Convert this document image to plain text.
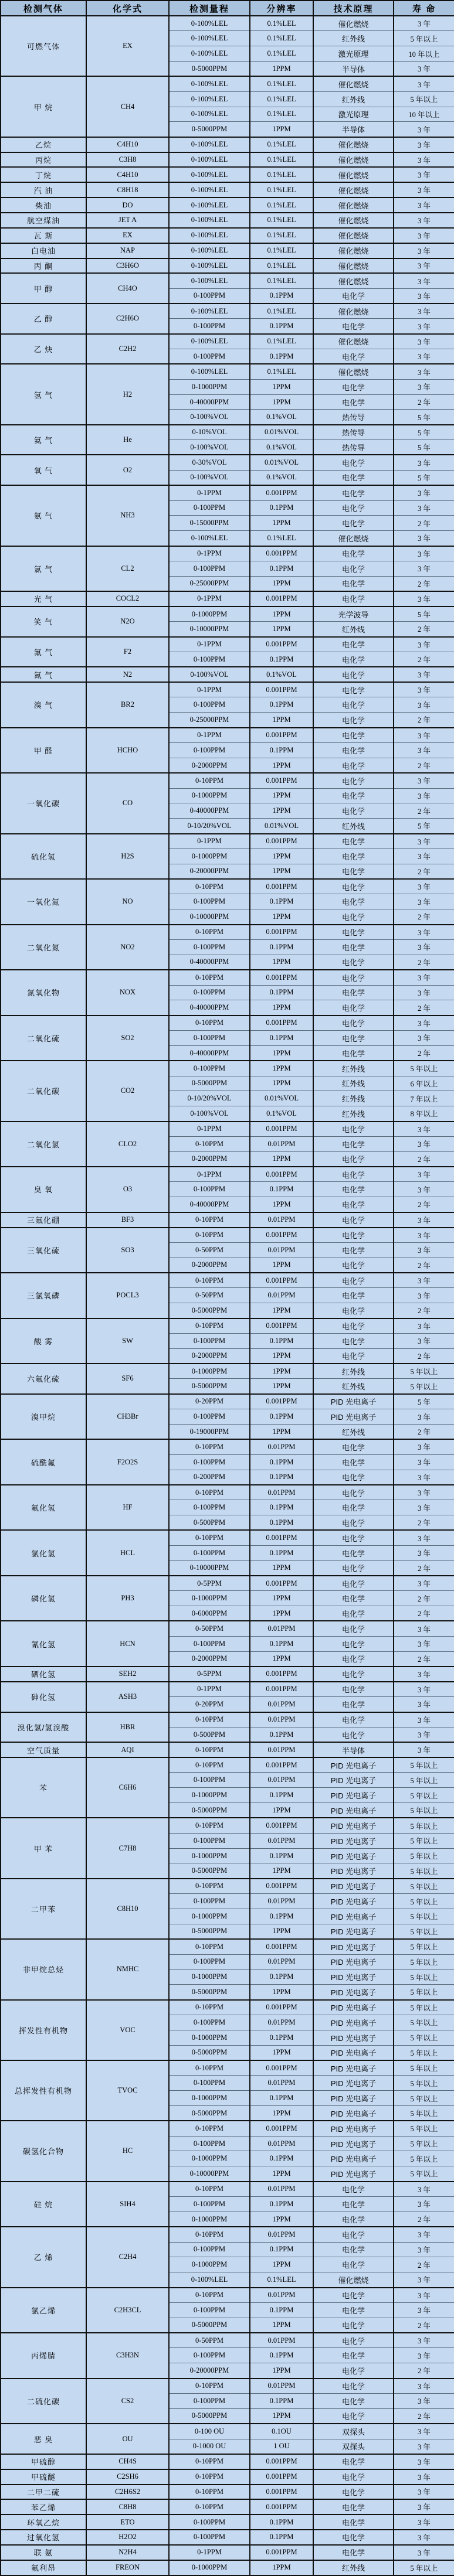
检测气体	化学式	检测量程	分辨率	技术原理	寿 命
可燃气体	EX	0-100%LEL	0.1%LEL	催化燃烧	3 年
		0-100%LEL	0.1%LEL	红外线	5 年以上
		0-100%LEL	0.1%LEL	激光原理	10 年以上
		0-5000PPM	1PPM	半导体	3 年
甲 烷	CH4	0-100%LEL	0.1%LEL	催化燃烧	3 年
		0-100%LEL	0.1%LEL	红外线	5 年以上
		0-100%LEL	0.1%LEL	激光原理	10 年以上
		0-5000PPM	1PPM	半导体	3 年
乙烷	C4H10	0-100%LEL	0.1%LEL	催化燃烧	3 年
丙烷	C3H8	0-100%LEL	0.1%LEL	催化燃烧	3 年
丁烷	C4H10	0-100%LEL	0.1%LEL	催化燃烧	3 年
汽 油	C8H18	0-100%LEL	0.1%LEL	催化燃烧	3 年
柴油	DO	0-100%LEL	0.1%LEL	催化燃烧	3 年
航空煤油	JET A	0-100%LEL	0.1%LEL	催化燃烧	3 年
瓦 斯	EX	0-100%LEL	0.1%LEL	催化燃烧	3 年
白电油	NAP	0-100%LEL	0.1%LEL	催化燃烧	3 年
丙 酮	C3H6O	0-100%LEL	0.1%LEL	催化燃烧	3 年
甲 醇	CH4O	0-100%LEL	0.1%LEL	催化燃烧	3 年
		0-100PPM	0.1PPM	电化学	3 年
乙 醇	C2H6O	0-100%LEL	0.1%LEL	催化燃烧	3 年
		0-100PPM	0.1PPM	电化学	3 年
乙 炔	C2H2	0-100%LEL	0.1%LEL	催化燃烧	3 年
		0-100PPM	0.1PPM	电化学	3 年
氢 气	H2	0-100%LEL	0.1%LEL	催化燃烧	3 年
		0-1000PPM	1PPM	电化学	3 年
		0-40000PPM	1PPM	电化学	2 年
		0-100%VOL	0.1%VOL	热传导	5 年
氦 气	He	0-10%VOL	0.01%VOL	热传导	5 年
		0-100%VOL	0.1%VOL	热传导	5 年
氧 气	O2	0-30%VOL	0.01%VOL	电化学	3 年
		0-100%VOL	0.1%VOL	电化学	5 年
氨 气	NH3	0-1PPM	0.001PPM	电化学	3 年
		0-100PPM	0.1PPM	电化学	3 年
		0-15000PPM	1PPM	电化学	2 年
		0-100%LEL	0.1%LEL	催化燃烧	3 年
氯 气	CL2	0-1PPM	0.001PPM	电化学	3 年
		0-100PPM	0.1PPM	电化学	3 年
		0-25000PPM	1PPM	电化学	2 年
光 气	COCL2	0-1PPM	0.001PPM	电化学	3 年
笑 气	N2O	0-1000PPM	1PPM	光学波导	5 年
		0-10000PPM	1PPM	红外线	2 年
氟 气	F2	0-1PPM	0.001PPM	电化学	3 年
		0-100PPM	0.1PPM	电化学	2 年
氮 气	N2	0-100%VOL	0.1%VOL	电化学	3 年
溴 气	BR2	0-1PPM	0.001PPM	电化学	3 年
		0-100PPM	0.1PPM	电化学	3 年
		0-25000PPM	1PPM	电化学	2 年
甲 醛	HCHO	0-1PPM	0.001PPM	电化学	3 年
		0-100PPM	0.1PPM	电化学	3 年
		0-2000PPM	1PPM	电化学	2 年
一氧化碳	CO	0-10PPM	0.001PPM	电化学	3 年
		0-1000PPM	1PPM	电化学	3 年
		0-40000PPM	1PPM	电化学	2 年
		0-10/20%VOL	0.01%VOL	红外线	5 年
硫化氢	H2S	0-1PPM	0.001PPM	电化学	3 年
		0-1000PPM	1PPM	电化学	3 年
		0-20000PPM	1PPM	电化学	2 年
一氧化氮	NO	0-10PPM	0.001PPM	电化学	3 年
		0-100PPM	0.1PPM	电化学	3 年
		0-10000PPM	1PPM	电化学	2 年
二氧化氮	NO2	0-10PPM	0.001PPM	电化学	3 年
		0-100PPM	0.1PPM	电化学	3 年
		0-40000PPM	1PPM	电化学	2 年
氮氧化物	NOX	0-10PPM	0.001PPM	电化学	3 年
		0-100PPM	0.1PPM	电化学	3 年
		0-40000PPM	1PPM	电化学	2 年
二氧化硫	SO2	0-10PPM	0.001PPM	电化学	3 年
		0-100PPM	0.1PPM	电化学	3 年
		0-40000PPM	1PPM	电化学	2 年
二氧化碳	CO2	0-100PPM	1PPM	红外线	5 年以上
		0-5000PPM	1PPM	红外线	6 年以上
		0-10/20%VOL	0.01%VOL	红外线	7 年以上
		0-100%VOL	0.1%VOL	红外线	8 年以上
二氧化氯	CLO2	0-1PPM	0.001PPM	电化学	3 年
		0-10PPM	0.01PPM	电化学	3 年
		0-2000PPM	1PPM	电化学	2 年
臭 氧	O3	0-1PPM	0.001PPM	电化学	3 年
		0-100PPM	0.1PPM	电化学	3 年
		0-40000PPM	1PPM	电化学	2 年
三氟化硼	BF3	0-10PPM	0.01PPM	电化学	3 年
三氧化硫	SO3	0-10PPM	0.001PPM	电化学	3 年
		0-50PPM	0.01PPM	电化学	3 年
		0-2000PPM	1PPM	电化学	2 年
三氯氧磷	POCL3	0-10PPM	0.001PPM	电化学	3 年
		0-50PPM	0.01PPM	电化学	3 年
		0-5000PPM	1PPM	电化学	2 年
酸 雾	SW	0-10PPM	0.001PPM	电化学	3 年
		0-100PPM	0.1PPM	电化学	3 年
		0-2000PPM	1PPM	电化学	2 年
六氟化硫	SF6	0-1000PPM	1PPM	红外线	5 年以上
		0-5000PPM	1PPM	红外线	5 年以上
溴甲烷	CH3Br	0-20PPM	0.001PPM	PID 光电离子	5 年
		0-100PPM	0.1PPM	PID 光电离子	3 年
		0-19000PPM	1PPM	红外线	2 年
硫酰氟	F2O2S	0-10PPM	0.01PPM	电化学	3 年
		0-100PPM	0.1PPM	电化学	3 年
		0-200PPM	0.1PPM	电化学	3 年
氟化氢	HF	0-10PPM	0.01PPM	电化学	3 年
		0-100PPM	0.1PPM	电化学	3 年
		0-500PPM	0.1PPM	电化学	2 年
氯化氢	HCL	0-10PPM	0.001PPM	电化学	3 年
		0-100PPM	0.1PPM	电化学	3 年
		0-10000PPM	1PPM	电化学	2 年
磷化氢	PH3	0-5PPM	0.001PPM	电化学	3 年
		0-1000PPM	1PPM	电化学	2 年
		0-6000PPM	1PPM	电化学	2 年
氰化氢	HCN	0-50PPM	0.01PPM	电化学	3 年
		0-100PPM	0.1PPM	电化学	3 年
		0-2000PPM	1PPM	电化学	2 年
硒化氢	SEH2	0-5PPM	0.001PPM	电化学	3 年
砷化氢	ASH3	0-1PPM	0.001PPM	电化学	3 年
		0-20PPM	0.01PPM	电化学	3 年
溴化氢/氢溴酸	HBR	0-10PPM	0.01PPM	电化学	3 年
		0-500PPM	0.1PPM	电化学	3 年
空气质量	AQI	0-10PPM	0.01PPM	半导体	3 年
苯	C6H6	0-10PPM	0.001PPM	PID 光电离子	5 年以上
		0-100PPM	0.01PPM	PID 光电离子	5 年以上
		0-1000PPM	0.1PPM	PID 光电离子	5 年以上
		0-5000PPM	1PPM	PID 光电离子	5 年以上
甲 苯	C7H8	0-10PPM	0.001PPM	PID 光电离子	5 年以上
		0-100PPM	0.01PPM	PID 光电离子	5 年以上
		0-1000PPM	0.1PPM	PID 光电离子	5 年以上
		0-5000PPM	1PPM	PID 光电离子	5 年以上
二甲苯	C8H10	0-10PPM	0.001PPM	PID 光电离子	5 年以上
		0-100PPM	0.01PPM	PID 光电离子	5 年以上
		0-1000PPM	0.1PPM	PID 光电离子	5 年以上
		0-5000PPM	1PPM	PID 光电离子	5 年以上
非甲烷总烃	NMHC	0-10PPM	0.001PPM	PID 光电离子	5 年以上
		0-100PPM	0.01PPM	PID 光电离子	5 年以上
		0-1000PPM	0.1PPM	PID 光电离子	5 年以上
		0-5000PPM	1PPM	PID 光电离子	5 年以上
挥发性有机物	VOC	0-10PPM	0.001PPM	PID 光电离子	5 年以上
		0-100PPM	0.01PPM	PID 光电离子	5 年以上
		0-1000PPM	0.1PPM	PID 光电离子	5 年以上
		0-5000PPM	1PPM	PID 光电离子	5 年以上
总挥发性有机物	TVOC	0-10PPM	0.001PPM	PID 光电离子	5 年以上
		0-100PPM	0.01PPM	PID 光电离子	5 年以上
		0-1000PPM	0.1PPM	PID 光电离子	5 年以上
		0-5000PPM	1PPM	PID 光电离子	5 年以上
碳氢化合物	HC	0-10PPM	0.001PPM	PID 光电离子	5 年以上
		0-100PPM	0.01PPM	PID 光电离子	5 年以上
		0-1000PPM	0.1PPM	PID 光电离子	5 年以上
		0-10000PPM	1PPM	PID 光电离子	5 年以上
硅 烷	SIH4	0-10PPM	0.01PPM	电化学	3 年
		0-100PPM	0.1PPM	电化学	3 年
		0-1000PPM	1PPM	电化学	2 年
乙 烯	C2H4	0-10PPM	0.01PPM	电化学	3 年
		0-100PPM	0.1PPM	电化学	3 年
		0-1000PPM	1PPM	电化学	2 年
		0-100%LEL	0.1%LEL	催化燃烧	3 年
氯乙烯	C2H3CL	0-10PPM	0.01PPM	电化学	3 年
		0-100PPM	0.1PPM	电化学	3 年
		0-5000PPM	1PPM	电化学	2 年
丙烯腈	C3H3N	0-50PPM	0.01PPM	电化学	3 年
		0-100PPM	0.1PPM	电化学	3 年
		0-20000PPM	1PPM	电化学	2 年
二硫化碳	CS2	0-10PPM	0.01PPM	电化学	3 年
		0-100PPM	0.1PPM	电化学	3 年
		0-5000PPM	1PPM	电化学	2 年
恶 臭	OU	0-100 OU	0.1OU	双探头	3 年
		0-1000 OU	1 OU	双探头	3 年
甲硫醇	CH4S	0-10PPM	0.001PPM	电化学	3 年
甲硫醚	C2SH6	0-10PPM	0.001PPM	电化学	3 年
二甲二硫	C2H6S2	0-10PPM	0.001PPM	电化学	3 年
苯乙烯	C8H8	0-10PPM	0.001PPM	电化学	3 年
环氧乙烷	ETO	0-100PPM	0.1PPM	电化学	3 年
过氧化氢	H2O2	0-100PPM	0.1PPM	电化学	3 年
联 氨	N2H4	0-1PPM	0.001PPM	电化学	3 年
氟利昂	FREON	0-1000PPM	1PPM	红外线	5 年以上
